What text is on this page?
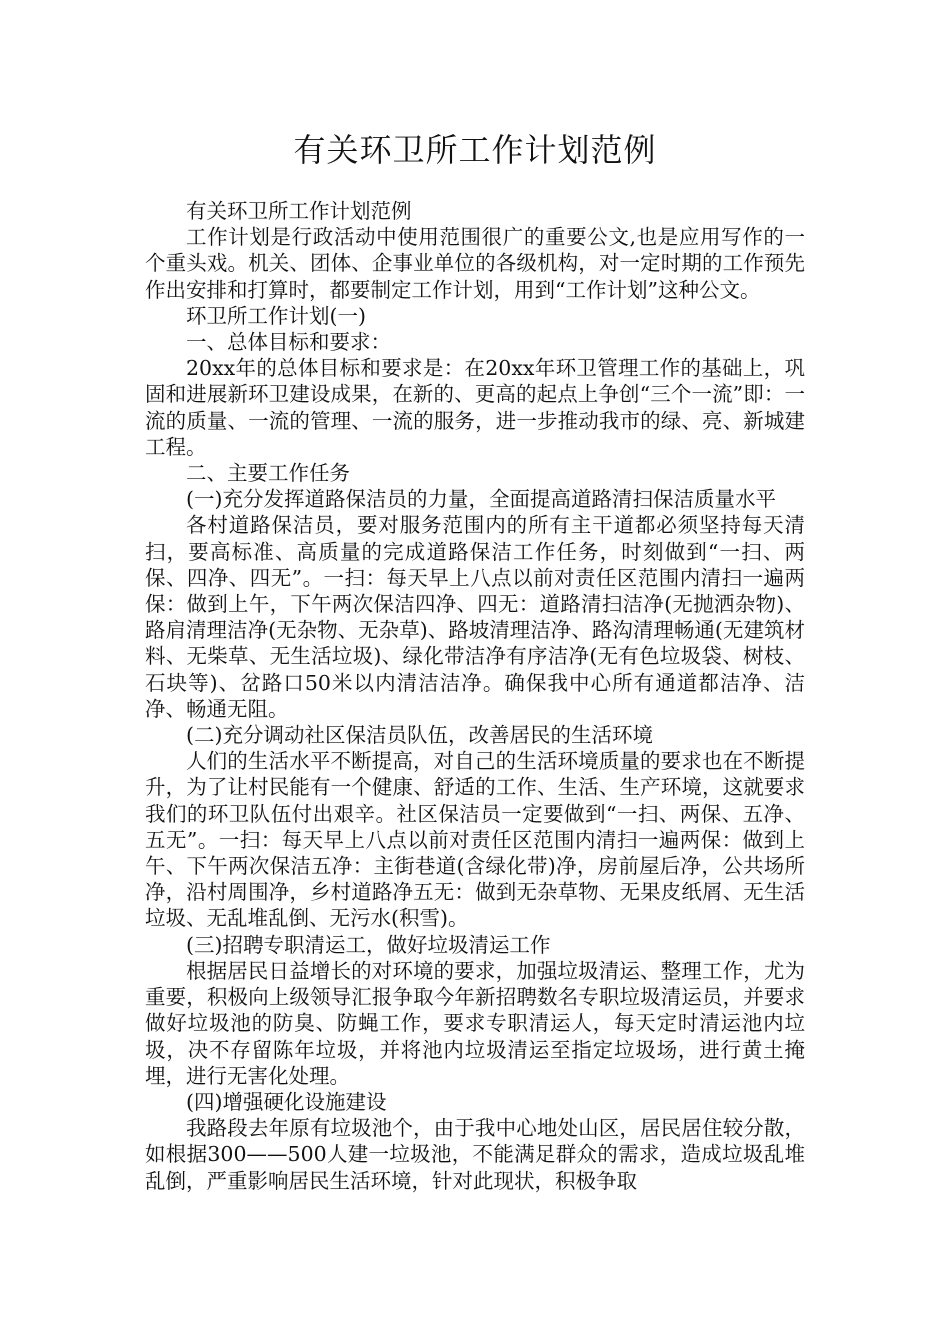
有关环卫所工作计划范例

有关环卫所工作计划范例

工作计划是行政活动中使用范围很广的重要公文,也是应用写作的一个重头戏。机关、团体、企事业单位的各级机构，对一定时期的工作预先作出安排和打算时，都要制定工作计划，用到“工作计划”这种公文。

环卫所工作计划(一)

一、总体目标和要求：

20xx年的总体目标和要求是：在20xx年环卫管理工作的基础上，巩固和进展新环卫建设成果，在新的、更高的起点上争创“三个一流”即：一流的质量、一流的管理、一流的服务，进一步推动我市的绿、亮、新城建工程。

二、主要工作任务

(一)充分发挥道路保洁员的力量，全面提高道路清扫保洁质量水平

各村道路保洁员，要对服务范围内的所有主干道都必须坚持每天清扫，要高标准、高质量的完成道路保洁工作任务，时刻做到“一扫、两保、四净、四无”。一扫：每天早上八点以前对责任区范围内清扫一遍两保：做到上午，下午两次保洁四净、四无：道路清扫洁净(无抛洒杂物)、路肩清理洁净(无杂物、无杂草)、路坡清理洁净、路沟清理畅通(无建筑材料、无柴草、无生活垃圾)、绿化带洁净有序洁净(无有色垃圾袋、树枝、石块等)、岔路口50米以内清洁洁净。确保我中心所有通道都洁净、洁净、畅通无阻。

(二)充分调动社区保洁员队伍，改善居民的生活环境

人们的生活水平不断提高，对自己的生活环境质量的要求也在不断提升，为了让村民能有一个健康、舒适的工作、生活、生产环境，这就要求我们的环卫队伍付出艰辛。社区保洁员一定要做到“一扫、两保、五净、五无”。一扫：每天早上八点以前对责任区范围内清扫一遍两保：做到上午、下午两次保洁五净：主街巷道(含绿化带)净，房前屋后净，公共场所净，沿村周围净，乡村道路净五无：做到无杂草物、无果皮纸屑、无生活垃圾、无乱堆乱倒、无污水(积雪)。

(三)招聘专职清运工，做好垃圾清运工作

根据居民日益增长的对环境的要求，加强垃圾清运、整理工作，尤为重要，积极向上级领导汇报争取今年新招聘数名专职垃圾清运员，并要求做好垃圾池的防臭、防蝇工作，要求专职清运人，每天定时清运池内垃圾，决不存留陈年垃圾，并将池内垃圾清运至指定垃圾场，进行黄土掩埋，进行无害化处理。

(四)增强硬化设施建设

我路段去年原有垃圾池个，由于我中心地处山区，居民居住较分散，如根据300——500人建一垃圾池，不能满足群众的需求，造成垃圾乱堆乱倒，严重影响居民生活环境，针对此现状，积极争取
